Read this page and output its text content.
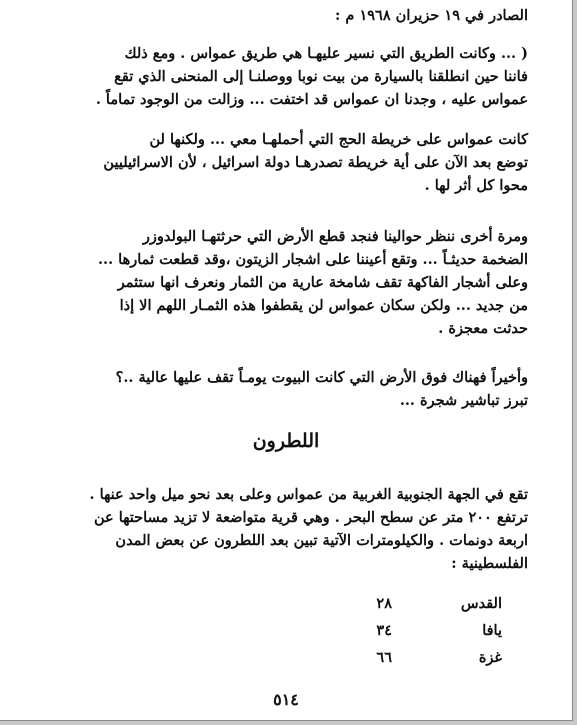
الصادر في ١٩ حزيران ١٩٦٨ م :

( ... وكانت الطريق التي نسير عليهـا هي طريق عمواس . ومع ذلك
فاننا حين انطلقنا بالسيارة من بيت نوبا ووصلنـا إلى المنحنى الذي تقع
عمواس عليه ، وجدنا ان عمواس قد اختفت ... وزالت من الوجود تماماً .

كانت عمواس على خريطة الحج التي أحملهـا معي ... ولكنها لن
توضع بعد الآن على أية خريطة تصدرهـا دولة اسرائيل ، لأن الاسرائيليين
محوا كل أثر لها .

ومرة أخرى ننظر حوالينا فنجد قطع الأرض التي حرثتهـا البولدوزر
الضخمة حديثـاً ... وتقع أعيننا على اشجار الزيتون ،وقد قطعت ثمارها ...
وعلى أشجار الفاكهة تقف شامخة عارية من الثمار ونعرف انها ستثمر
من جديد ... ولكن سكان عمواس لن يقطفوا هذه الثمـار اللهم الا إذا
حدثت معجزة .

وأخيراً فهناك فوق الأرض التي كانت البيوت يومـاً تقف عليها عالية ..؟
تبرز تباشير شجرة ...

اللطرون

تقع في الجهة الجنوبية الغربية من عمواس وعلى بعد نحو ميل واحد عنها .
ترتفع ٢٠٠ متر عن سطح البحر . وهي قرية متواضعة لا تزيد مساحتها عن
اربعة دونمات . والكيلومترات الآتية تبين بعد اللطرون عن بعض المدن
الفلسطينية :

القدس
٢٨
يافا
٣٤
غزة
٦٦
٥١٤
